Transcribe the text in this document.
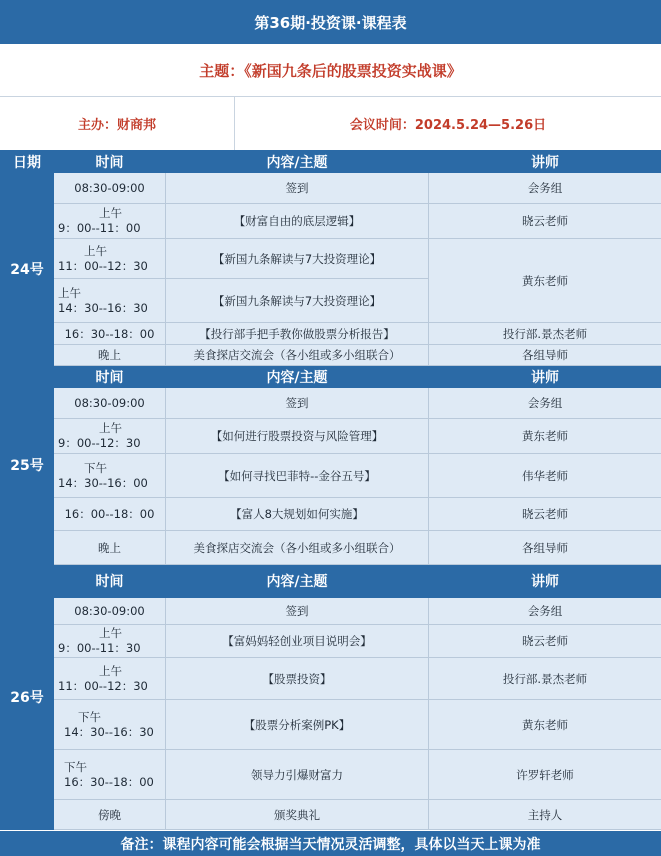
第36期·投资课·课程表
主题：《新国九条后的股票投资实战课》
主办：财商邦	会议时间：2024.5.24—5.26日
日期	时间	内容/主题	讲师
24号	08:30-09:00	签到	会务组

	上午
9：00--11：00	【财富自由的底层逻辑】	晓云老师

	上午
11：00--12：30	【新国九条解读与7大投资理论】	黄东老师

	上午
14：30--16：30	【新国九条解读与7大投资理论】	
	16：30--18：00	【投行部手把手教你做股票分析报告】	投行部.景杰老师
	晚上	美食探店交流会（各小组或多小组联合）	各组导师
25号	时间	内容/主题	讲师
	08:30-09:00	签到	会务组

	上午
9：00--12：30	【如何进行股票投资与风险管理】	黄东老师

	下午
14：30--16：00	【如何寻找巴菲特--金谷五号】	伟华老师
	16：00--18：00	【富人8大规划如何实施】	晓云老师
	晚上	美食探店交流会（各小组或多小组联合）	各组导师
26号	时间	内容/主题	讲师
	08:30-09:00	签到	会务组

	上午
9：00--11：30	【富妈妈轻创业项目说明会】	晓云老师

	上午
11：00--12：30	【股票投资】	投行部.景杰老师

	下午
14：30--16：30	【股票分析案例PK】	黄东老师

	下午
16：30--18：00	领导力引爆财富力	许罗轩老师
	傍晚	颁奖典礼	主持人
备注：课程内容可能会根据当天情况灵活调整，具体以当天上课为准
